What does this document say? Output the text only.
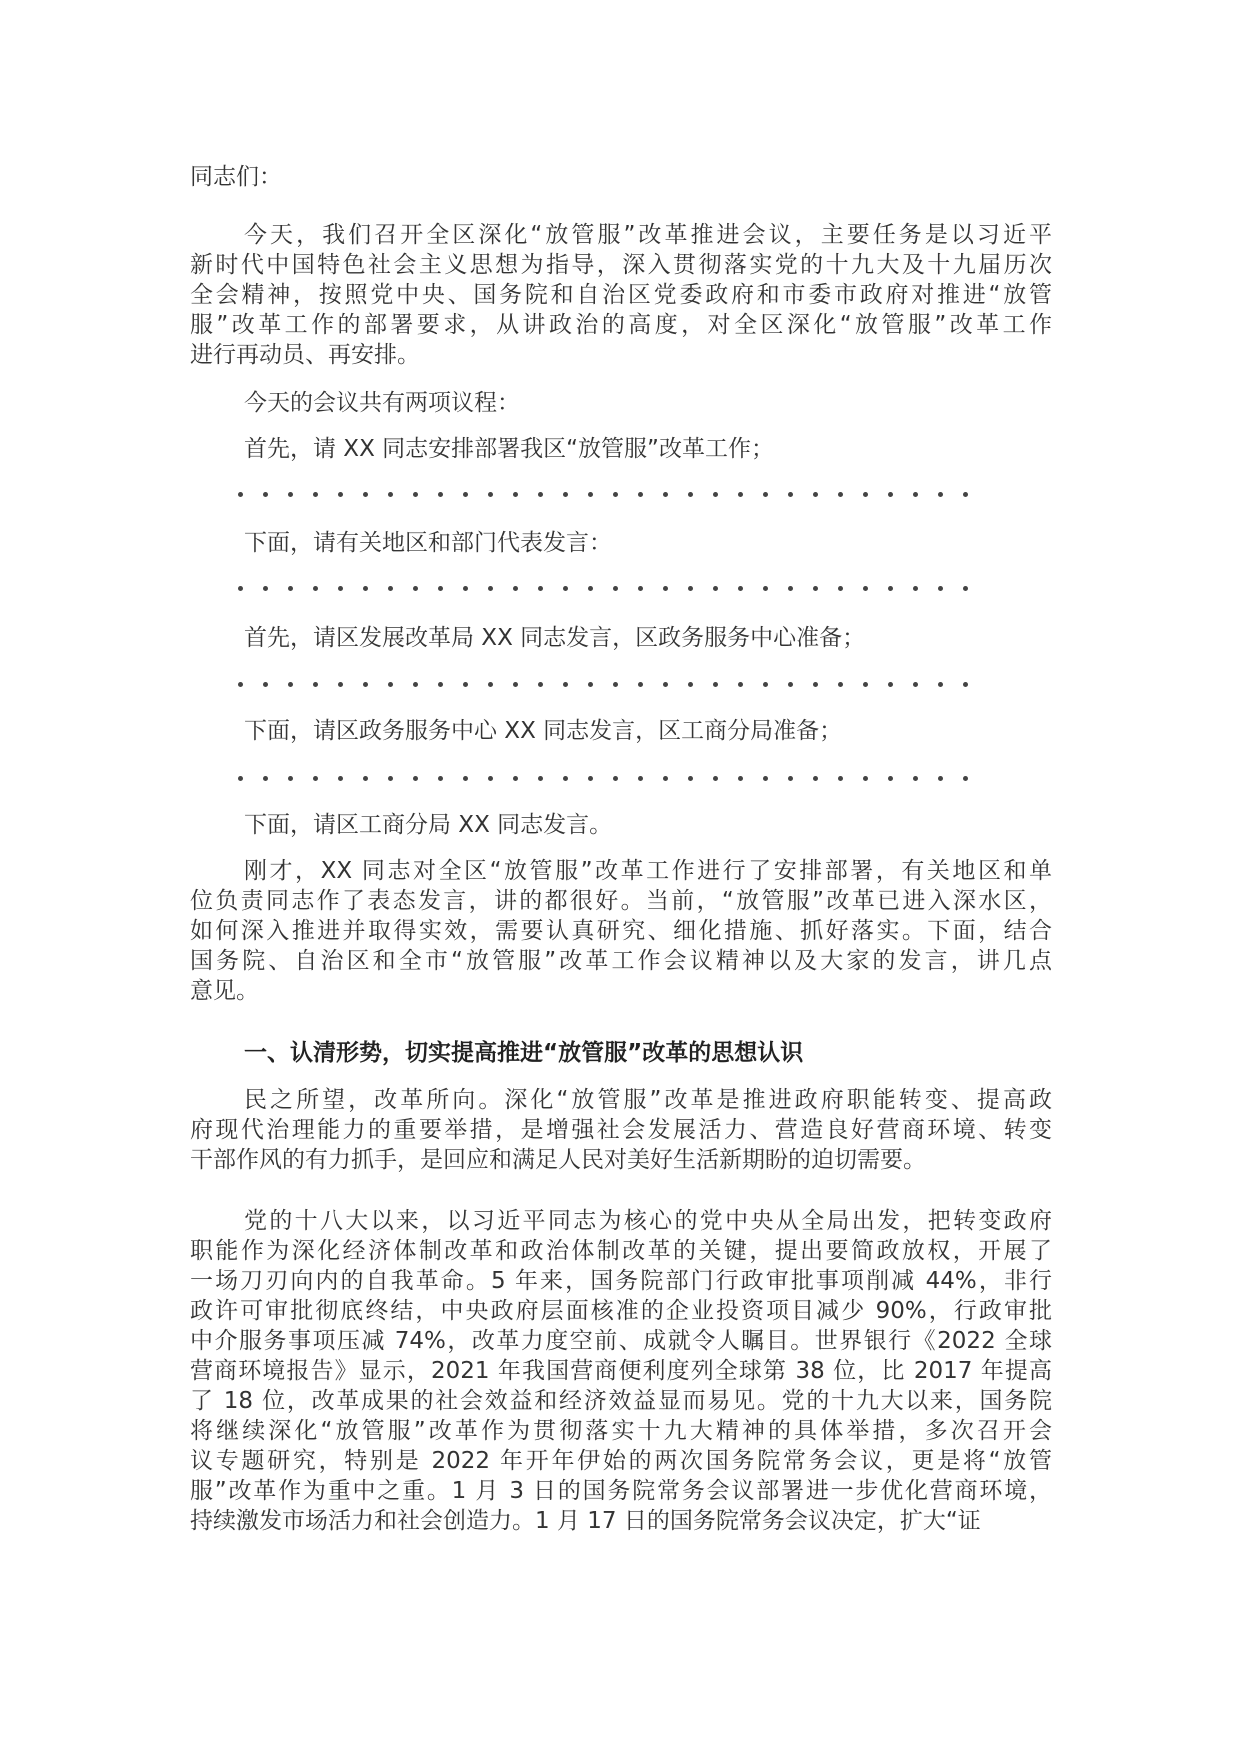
同志们：
今天，我们召开全区深化“放管服”改革推进会议，主要任务是以习近平
新时代中国特色社会主义思想为指导，深入贯彻落实党的十九大及十九届历次
全会精神，按照党中央、国务院和自治区党委政府和市委市政府对推进“放管
服”改革工作的部署要求，从讲政治的高度，对全区深化“放管服”改革工作
进行再动员、再安排。
今天的会议共有两项议程：
首先，请 XX 同志安排部署我区“放管服”改革工作；
下面，请有关地区和部门代表发言：
首先，请区发展改革局 XX 同志发言，区政务服务中心准备；
下面，请区政务服务中心 XX 同志发言，区工商分局准备；
下面，请区工商分局 XX 同志发言。
刚才，XX 同志对全区“放管服”改革工作进行了安排部署，有关地区和单
位负责同志作了表态发言，讲的都很好。当前，“放管服”改革已进入深水区，
如何深入推进并取得实效，需要认真研究、细化措施、抓好落实。下面，结合
国务院、自治区和全市“放管服”改革工作会议精神以及大家的发言，讲几点
意见。
一、认清形势，切实提高推进“放管服”改革的思想认识
民之所望，改革所向。深化“放管服”改革是推进政府职能转变、提高政
府现代治理能力的重要举措，是增强社会发展活力、营造良好营商环境、转变
干部作风的有力抓手，是回应和满足人民对美好生活新期盼的迫切需要。
党的十八大以来，以习近平同志为核心的党中央从全局出发，把转变政府
职能作为深化经济体制改革和政治体制改革的关键，提出要简政放权，开展了
一场刀刃向内的自我革命。5 年来，国务院部门行政审批事项削减 44%，非行
政许可审批彻底终结，中央政府层面核准的企业投资项目减少 90%，行政审批
中介服务事项压减 74%，改革力度空前、成就令人瞩目。世界银行《2022 全球
营商环境报告》显示，2021 年我国营商便利度列全球第 38 位，比 2017 年提高
了 18 位，改革成果的社会效益和经济效益显而易见。党的十九大以来，国务院
将继续深化“放管服”改革作为贯彻落实十九大精神的具体举措，多次召开会
议专题研究，特别是 2022 年开年伊始的两次国务院常务会议，更是将“放管
服”改革作为重中之重。1 月 3 日的国务院常务会议部署进一步优化营商环境，
持续激发市场活力和社会创造力。1 月 17 日的国务院常务会议决定，扩大“证
